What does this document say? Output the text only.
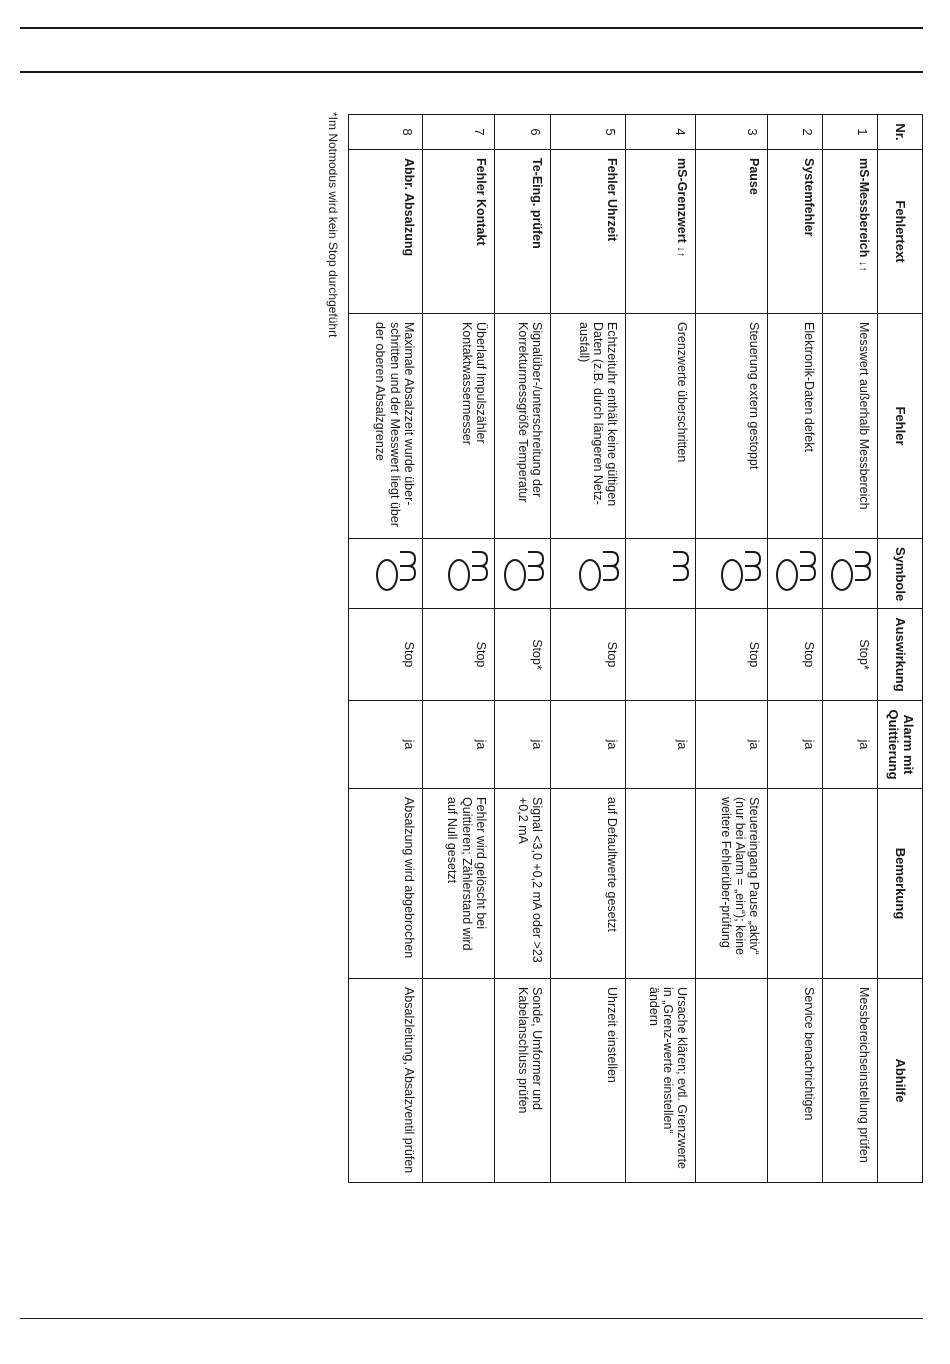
*Im Notmodus wird kein Stop durchgeführt	Nr.	Fehlertext	Fehler	Symbole	Auswirkung	Alarm mit Quittierung	Bemerkung	Abhilfe
1	mS-Messbereich ↓↑	Messwert außerhalb Messbereich		Stop*	ja		Messbereichseinstellung prüfen
2	Systemfehler	Elektronik-Daten defekt		Stop	ja		Service benachrichtigen
3	Pause	Steuerung extern gestoppt		Stop	ja	Steuereingang Pause „aktiv“ (nur bei Alarm = „ein“); keine weitere Fehlerüber-prüfung	
4	mS-Grenzwert ↓↑	Grenzwerte überschritten			ja		Ursache klären; evtl. Grenzwerte in „Grenz-werte einstellen“ ändern
5	Fehler Uhrzeit	Echtzeituhr enthält keine gültigen Daten (z.B. durch längeren Netz-ausfall)		Stop	ja	auf Defaultwerte gesetzt	Uhrzeit einstellen
6	Te-Eing. prüfen	Signalüber-/unterschreitung der Korrekturmessgröße Temperatur		Stop*	ja	Signal <3,0 +0,2 mA oder >23 +0,2 mA	Sonde, Umformer und Kabelanschluss prüfen
7	Fehler Kontakt	Überlauf Impulszähler Kontaktwassermesser		Stop	ja	Fehler wird gelöscht bei Quittieren; Zählerstand wird auf Null gesetzt	
8	Abbr. Absalzung	Maximale Absalzzeit wurde über-schritten und der Messwert liegt über der oberen Absalzgrenze		Stop	ja	Absalzung wird abgebrochen	Absalzleitung, Absalzventil prüfen
